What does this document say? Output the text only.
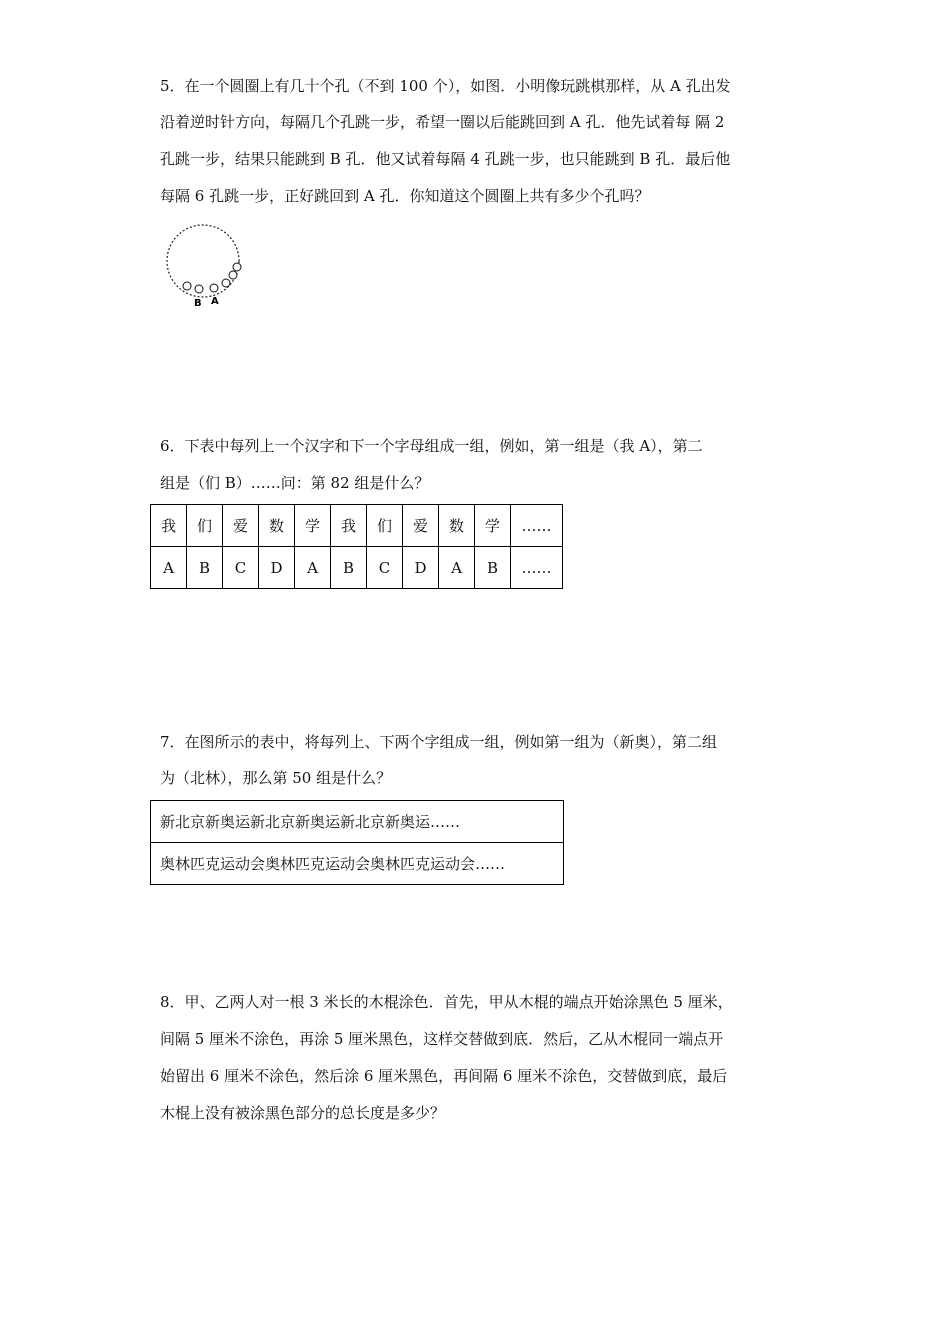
5．在一个圆圈上有几十个孔（不到 100 个），如图．小明像玩跳棋那样，从 A 孔出发
沿着逆时针方向，每隔几个孔跳一步，希望一圈以后能跳回到 A 孔．他先试着每 隔 2
孔跳一步，结果只能跳到 B 孔．他又试着每隔 4 孔跳一步，也只能跳到 B 孔．最后他
每隔 6 孔跳一步，正好跳回到 A 孔．你知道这个圆圈上共有多少个孔吗？
B A
6．下表中每列上一个汉字和下一个字母组成一组，例如，第一组是（我 A），第二
组是（们 B）……问：第 82 组是什么？
我	们	爱	数	学	我	们	爱	数	学	……
A	B	C	D	A	B	C	D	A	B	……
7．在图所示的表中，将每列上、下两个字组成一组，例如第一组为（新奥），第二组
为（北林），那么第 50 组是什么？
新北京新奥运新北京新奥运新北京新奥运……
奥林匹克运动会奥林匹克运动会奥林匹克运动会……
8．甲、乙两人对一根 3 米长的木棍涂色．首先，甲从木棍的端点开始涂黑色 5 厘米，
间隔 5 厘米不涂色，再涂 5 厘米黑色，这样交替做到底．然后，乙从木棍同一端点开
始留出 6 厘米不涂色，然后涂 6 厘米黑色，再间隔 6 厘米不涂色，交替做到底，最后
木棍上没有被涂黑色部分的总长度是多少？
